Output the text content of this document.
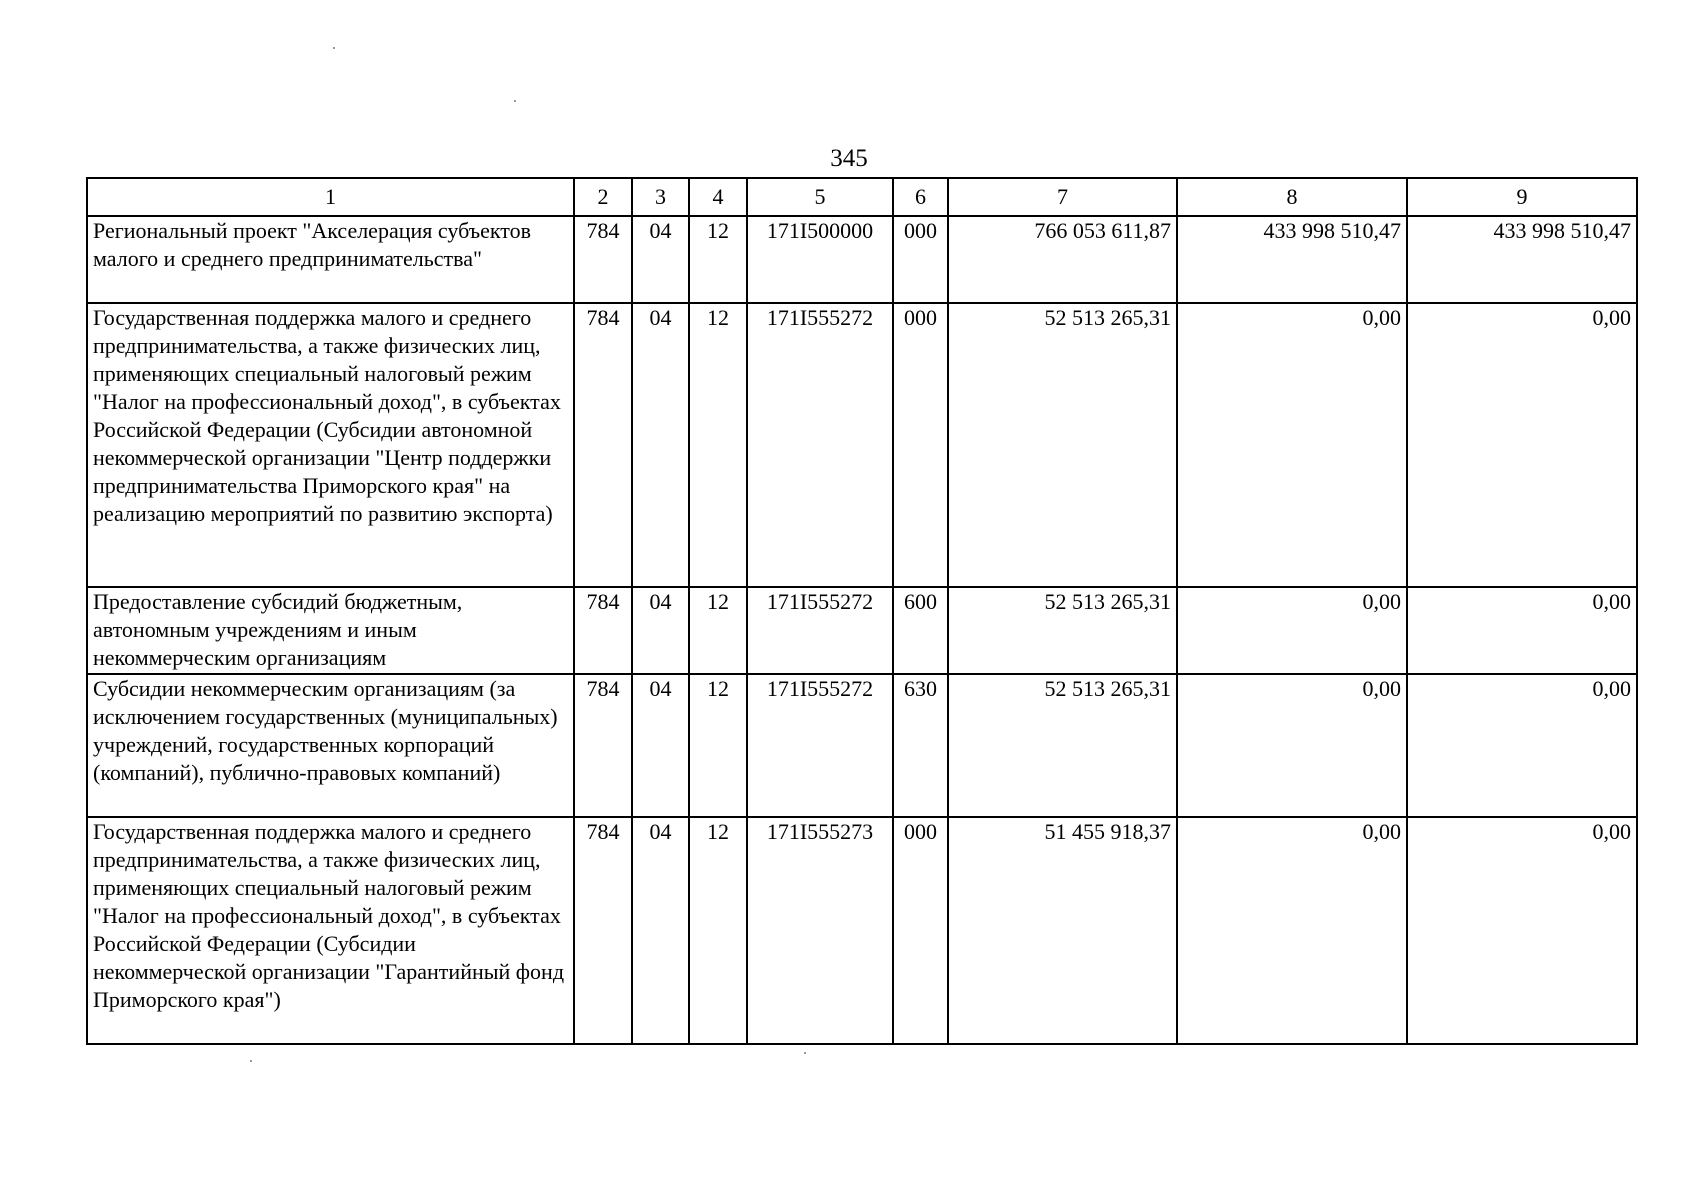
345
1	2	3	4	5	6	7	8	9
Региональный проект "Акселерация субъектов малого и среднего предпринимательства"	784	04	12	171I500000	000	766 053 611,87	433 998 510,47	433 998 510,47
Государственная поддержка малого и среднего предпринимательства, а также физических лиц, применяющих специальный налоговый режим "Налог на профессиональный доход", в субъектах Российской Федерации (Субсидии автономной некоммерческой организации "Центр поддержки предпринимательства Приморского края" на реализацию мероприятий по развитию экспорта)	784	04	12	171I555272	000	52 513 265,31	0,00	0,00
Предоставление субсидий бюджетным, автономным учреждениям и иным некоммерческим организациям	784	04	12	171I555272	600	52 513 265,31	0,00	0,00
Субсидии некоммерческим организациям (за исключением государственных (муниципальных) учреждений, государственных корпораций (компаний), публично-правовых компаний)	784	04	12	171I555272	630	52 513 265,31	0,00	0,00
Государственная поддержка малого и среднего предпринимательства, а также физических лиц, применяющих специальный налоговый режим "Налог на профессиональный доход", в субъектах Российской Федерации (Субсидии некоммерческой организации "Гарантийный фонд Приморского края")	784	04	12	171I555273	000	51 455 918,37	0,00	0,00
